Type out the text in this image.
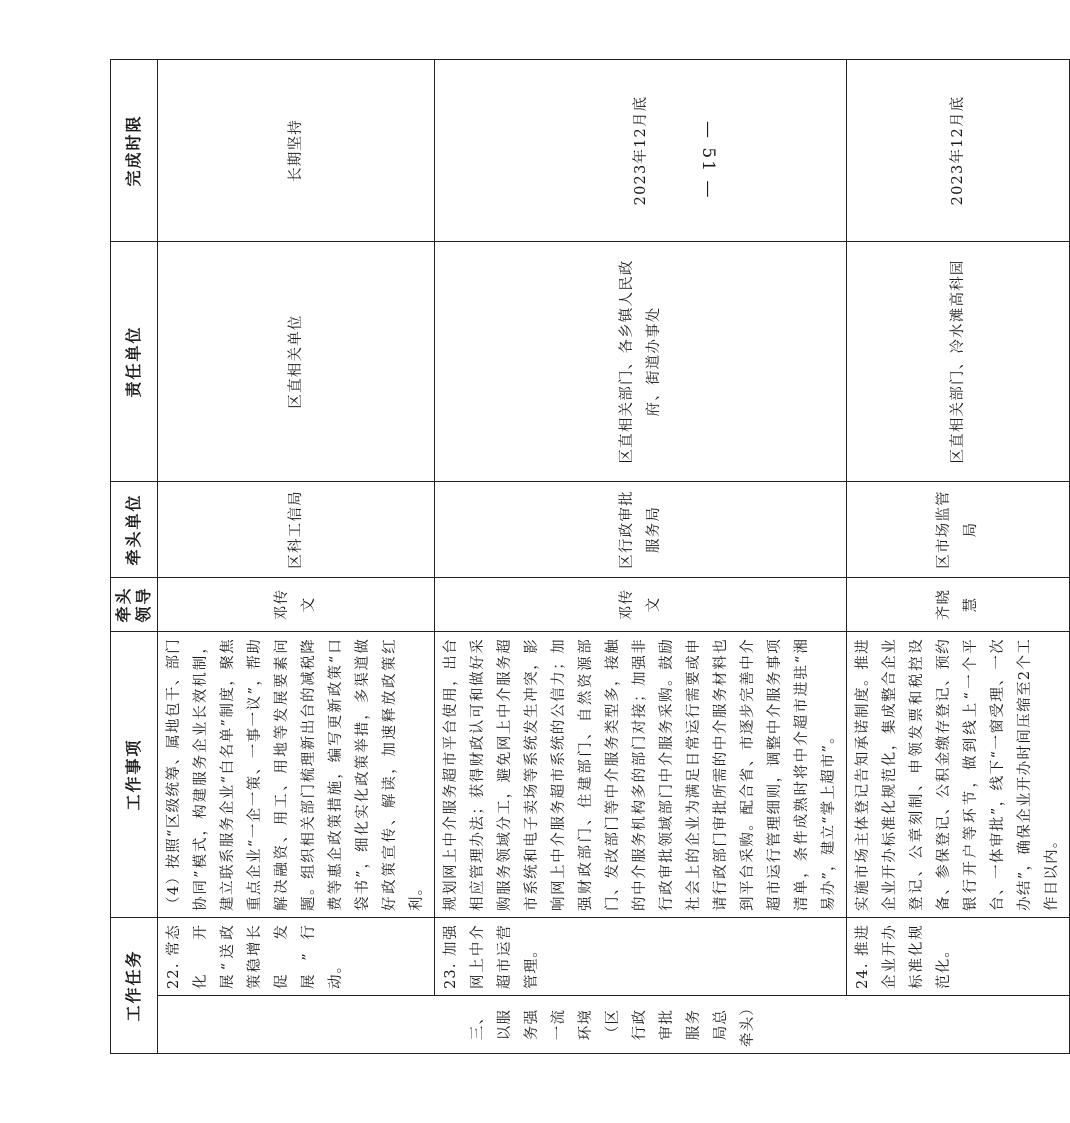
工作任务		工作事项	牵头领导	牵头单位	责任单位	完成时限
三、以服务强一流环境（区行政审批服务局总牵头）	22. 常态化开展“送政策稳增长促发展”行动。	（4）按照“区级统筹、属地包干、部门协同”模式，构建服务企业长效机制，建立联系服务企业“白名单”制度，聚焦重点企业“一企一策、一事一议”，帮助解决融资、用工、用地等发展要素问题。组织相关部门梳理新出台的减税降费等惠企政策措施，编写更新政策“口袋书”，细化实化政策举措，多渠道做好政策宣传、解读，加速释放政策红利。	邓传文	区科工信局	区直相关单位	长期坚持
	23. 加强网上中介超市运营管理。	规划网上中介服务超市平台使用，出台相应管理办法；获得财政认可和做好采购服务领域分工，避免网上中介服务超市系统和电子卖场等系统发生冲突，影响网上中介服务超市系统的公信力；加强财政部门、住建部门、自然资源部门、发改部门等中介服务类型多，接触的中介服务机构多的部门对接；加强非行政审批领域部门中介服务采购。鼓励社会上的企业为满足日常运行需要或申请行政部门审批所需的中介服务材料也到平台采购。配合省、市逐步完善中介超市运行管理细则，调整中介服务事项清单，条件成熟时将中介超市进驻“湘易办”，建立“掌上超市”。	邓传文	区行政审批服务局	区直相关部门、各乡镇人民政府、街道办事处	2023年12月底
	24. 推进企业开办标准化规范化。	实施市场主体登记告知承诺制度。推进企业开办标准化规范化，集成整合企业登记、公章刻制、申领发票和税控设备、参保登记、公积金缴存登记、预约银行开户等环节，做到线上“一个平台、一体审批”，线下“一窗受理、一次办结”，确保企业开办时间压缩至2个工作日以内。	齐晓慧	区市场监管局	区直相关部门、冷水滩高科园	2023年12月底
— 51 —
